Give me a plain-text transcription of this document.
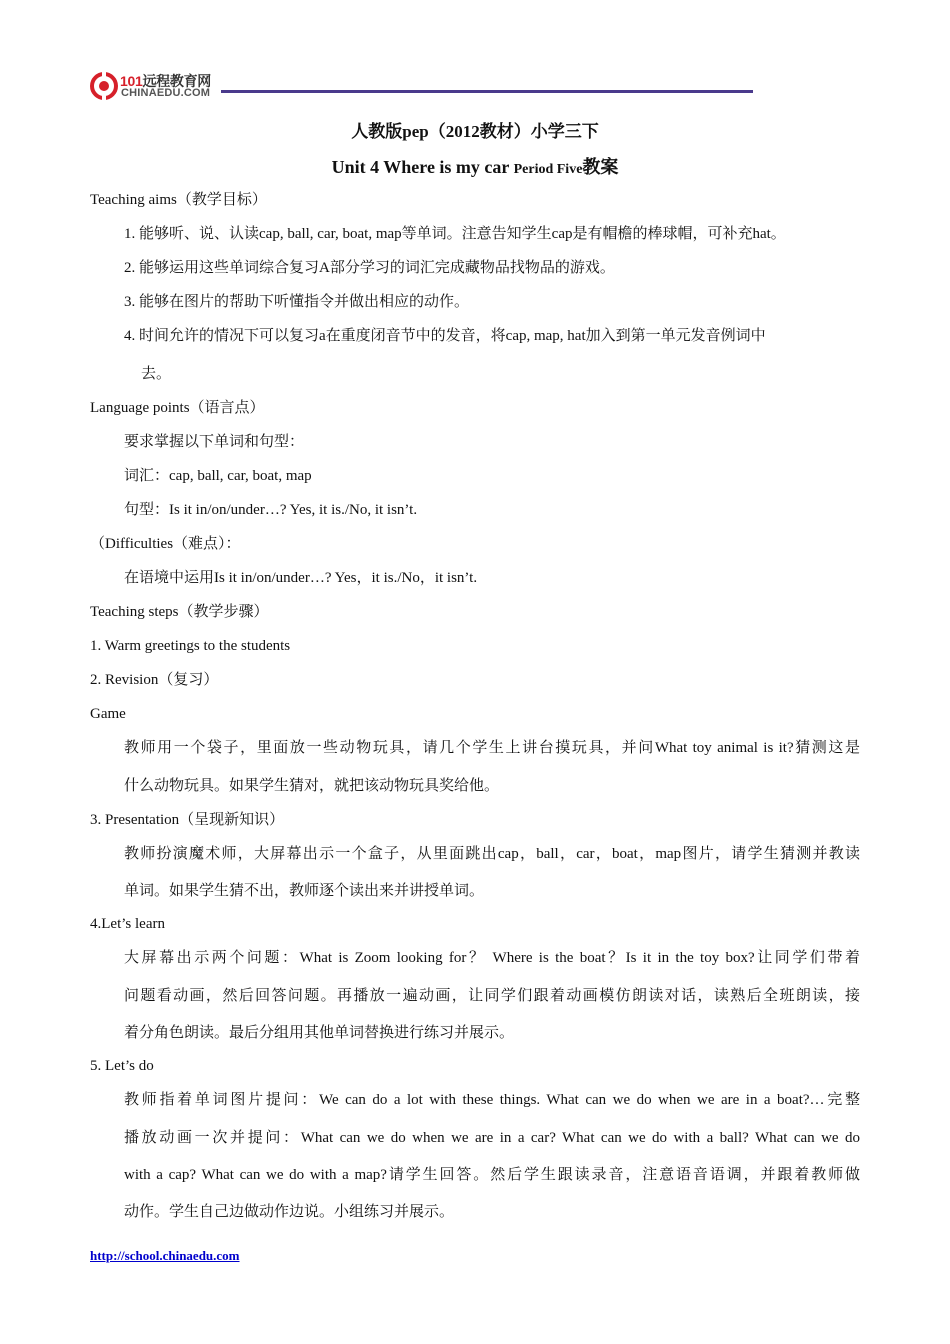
101远程教育网
CHINAEDU.COM
人教版pep（2012教材）小学三下
Unit 4 Where is my car Period Five教案
Teaching aims（教学目标）
1. 能够听、说、认读cap, ball, car, boat, map等单词。注意告知学生cap是有帽檐的棒球帽，可补充hat。
2. 能够运用这些单词综合复习A部分学习的词汇完成藏物品找物品的游戏。
3. 能够在图片的帮助下听懂指令并做出相应的动作。
4. 时间允许的情况下可以复习a在重度闭音节中的发音，将cap, map, hat加入到第一单元发音例词中
去。
Language points（语言点）
要求掌握以下单词和句型：
词汇：cap, ball, car, boat, map
句型：Is it in/on/under…? Yes, it is./No, it isn’t.
（Difficulties（难点）：
在语境中运用Is it in/on/under…? Yes，it is./No，it isn’t.
Teaching steps（教学步骤）
1. Warm greetings to the students
2. Revision（复习）
Game
教师用一个袋子，里面放一些动物玩具，请几个学生上讲台摸玩具，并问What toy animal is it?猜测这是
什么动物玩具。如果学生猜对，就把该动物玩具奖给他。
3. Presentation（呈现新知识）
教师扮演魔术师，大屏幕出示一个盒子，从里面跳出cap，ball，car，boat，map图片，请学生猜测并教读
单词。如果学生猜不出，教师逐个读出来并讲授单词。
4.Let’s learn
大屏幕出示两个问题：What is Zoom looking for？ Where is the boat？Is it in the toy box?让同学们带着
问题看动画，然后回答问题。再播放一遍动画，让同学们跟着动画模仿朗读对话，读熟后全班朗读，接
着分角色朗读。最后分组用其他单词替换进行练习并展示。
5. Let’s do
教师指着单词图片提问：We can do a lot with these things. What can we do when we are in a boat?…完整
播放动画一次并提问：What can we do when we are in a car? What can we do with a ball? What can we do
with a cap? What can we do with a map?请学生回答。然后学生跟读录音，注意语音语调，并跟着教师做
动作。学生自己边做动作边说。小组练习并展示。
http://school.chinaedu.com
